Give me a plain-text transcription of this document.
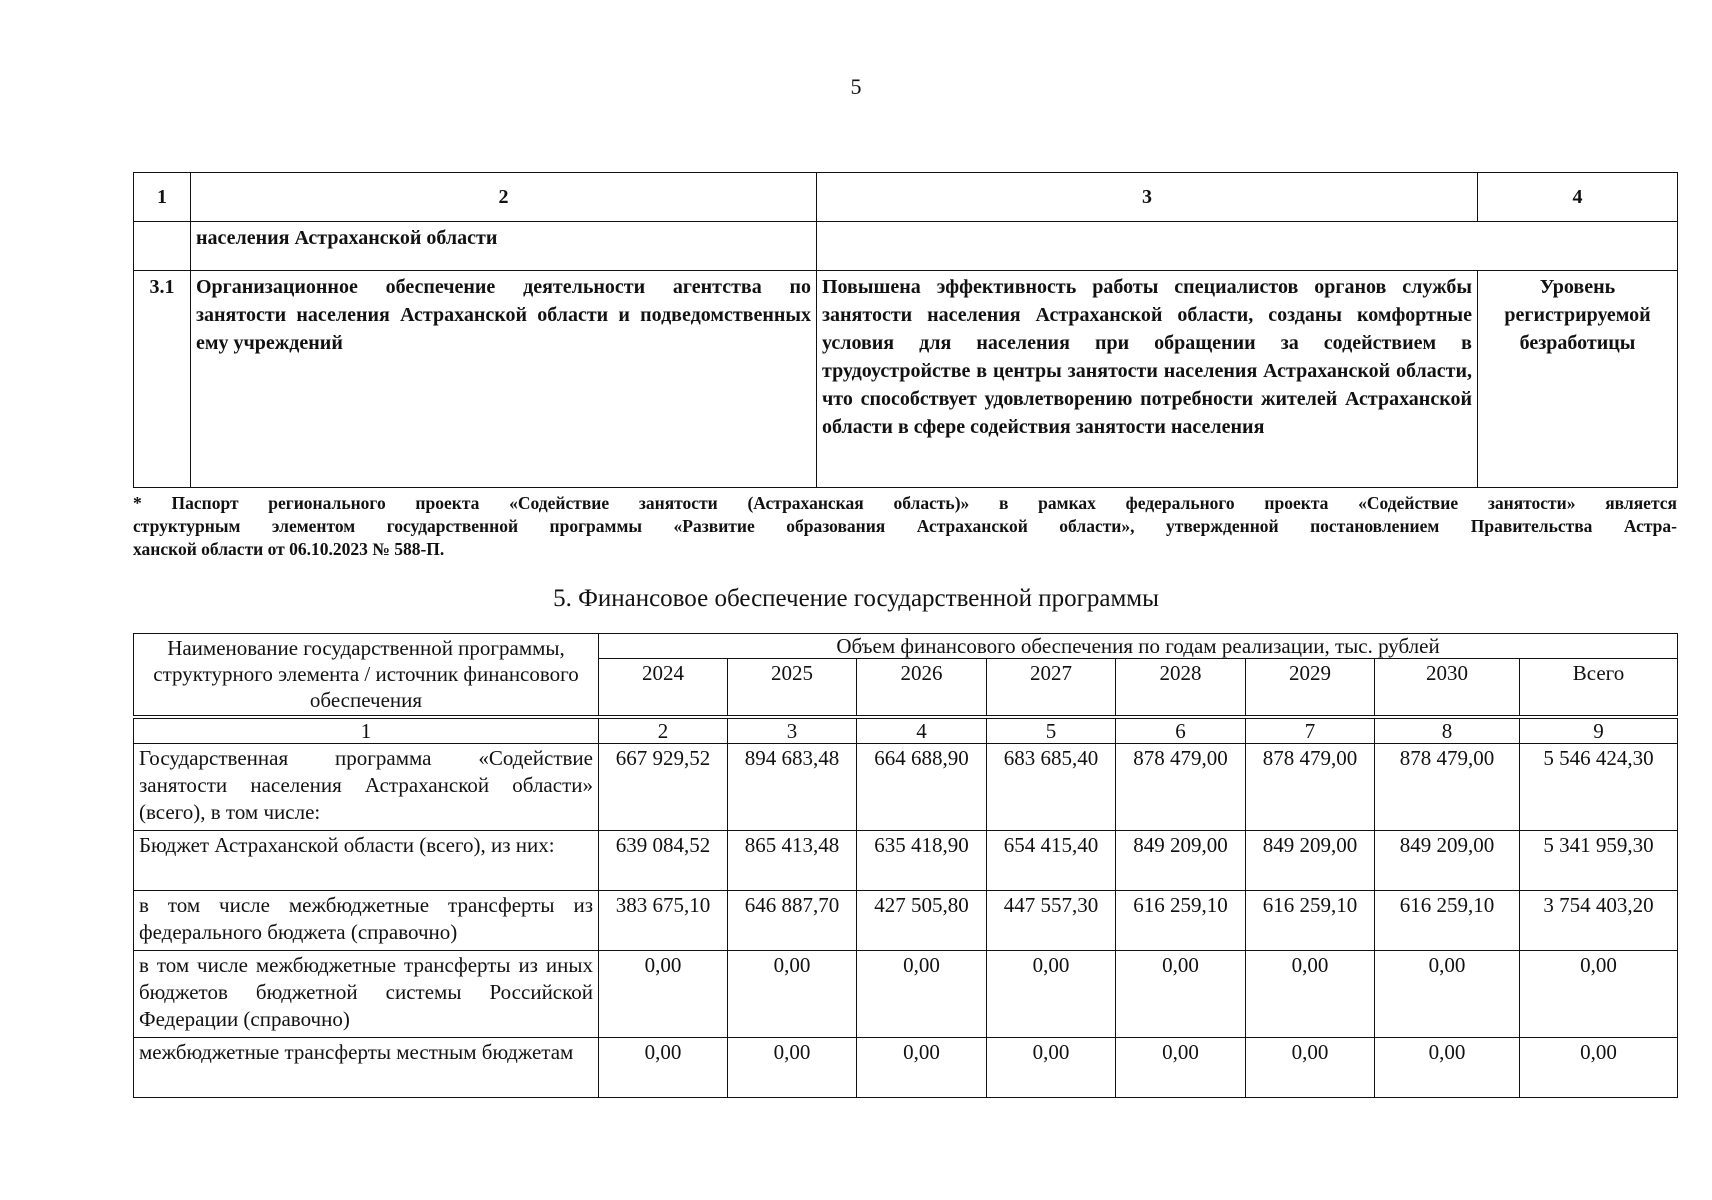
5
1	2	3	4
	населения Астраханской области		
3.1	Организационное обеспечение деятельности агентства по занятости населения Астраханской области и подведомственных ему учреждений	Повышена эффективность работы специалистов органов службы занятости населения Астраханской области, созданы комфортные условия для населения при обращении за содействием в трудоустройстве в центры занятости населения Астраханской области, что способствует удовлетворению потребности жителей Астраханской области в сфере содействия занятости населения	Уровень регистрируемой безработицы
* Паспорт регионального проекта «Содействие занятости (Астраханская область)» в рамках федерального проекта «Содействие занятости» является
структурным элементом государственной программы «Развитие образования Астраханской области», утвержденной постановлением Правительства Астра-
ханской области от 06.10.2023 № 588-П.
5. Финансовое обеспечение государственной программы
Наименование государственной программы, структурного элемента / источник финансового обеспечения	Объем финансового обеспечения по годам реализации, тыс. рублей							
	2024	2025	2026	2027	2028	2029	2030	Всего
1	2	3	4	5	6	7	8	9
Государственная программа «Содействие занятости населения Астраханской области» (всего), в том числе:	667 929,52	894 683,48	664 688,90	683 685,40	878 479,00	878 479,00	878 479,00	5 546 424,30
Бюджет Астраханской области (всего), из них:	639 084,52	865 413,48	635 418,90	654 415,40	849 209,00	849 209,00	849 209,00	5 341 959,30
в том числе межбюджетные трансферты из федерального бюджета (справочно)	383 675,10	646 887,70	427 505,80	447 557,30	616 259,10	616 259,10	616 259,10	3 754 403,20
в том числе межбюджетные трансферты из иных бюджетов бюджетной системы Российской Федерации (справочно)	0,00	0,00	0,00	0,00	0,00	0,00	0,00	0,00
межбюджетные трансферты местным бюджетам	0,00	0,00	0,00	0,00	0,00	0,00	0,00	0,00
